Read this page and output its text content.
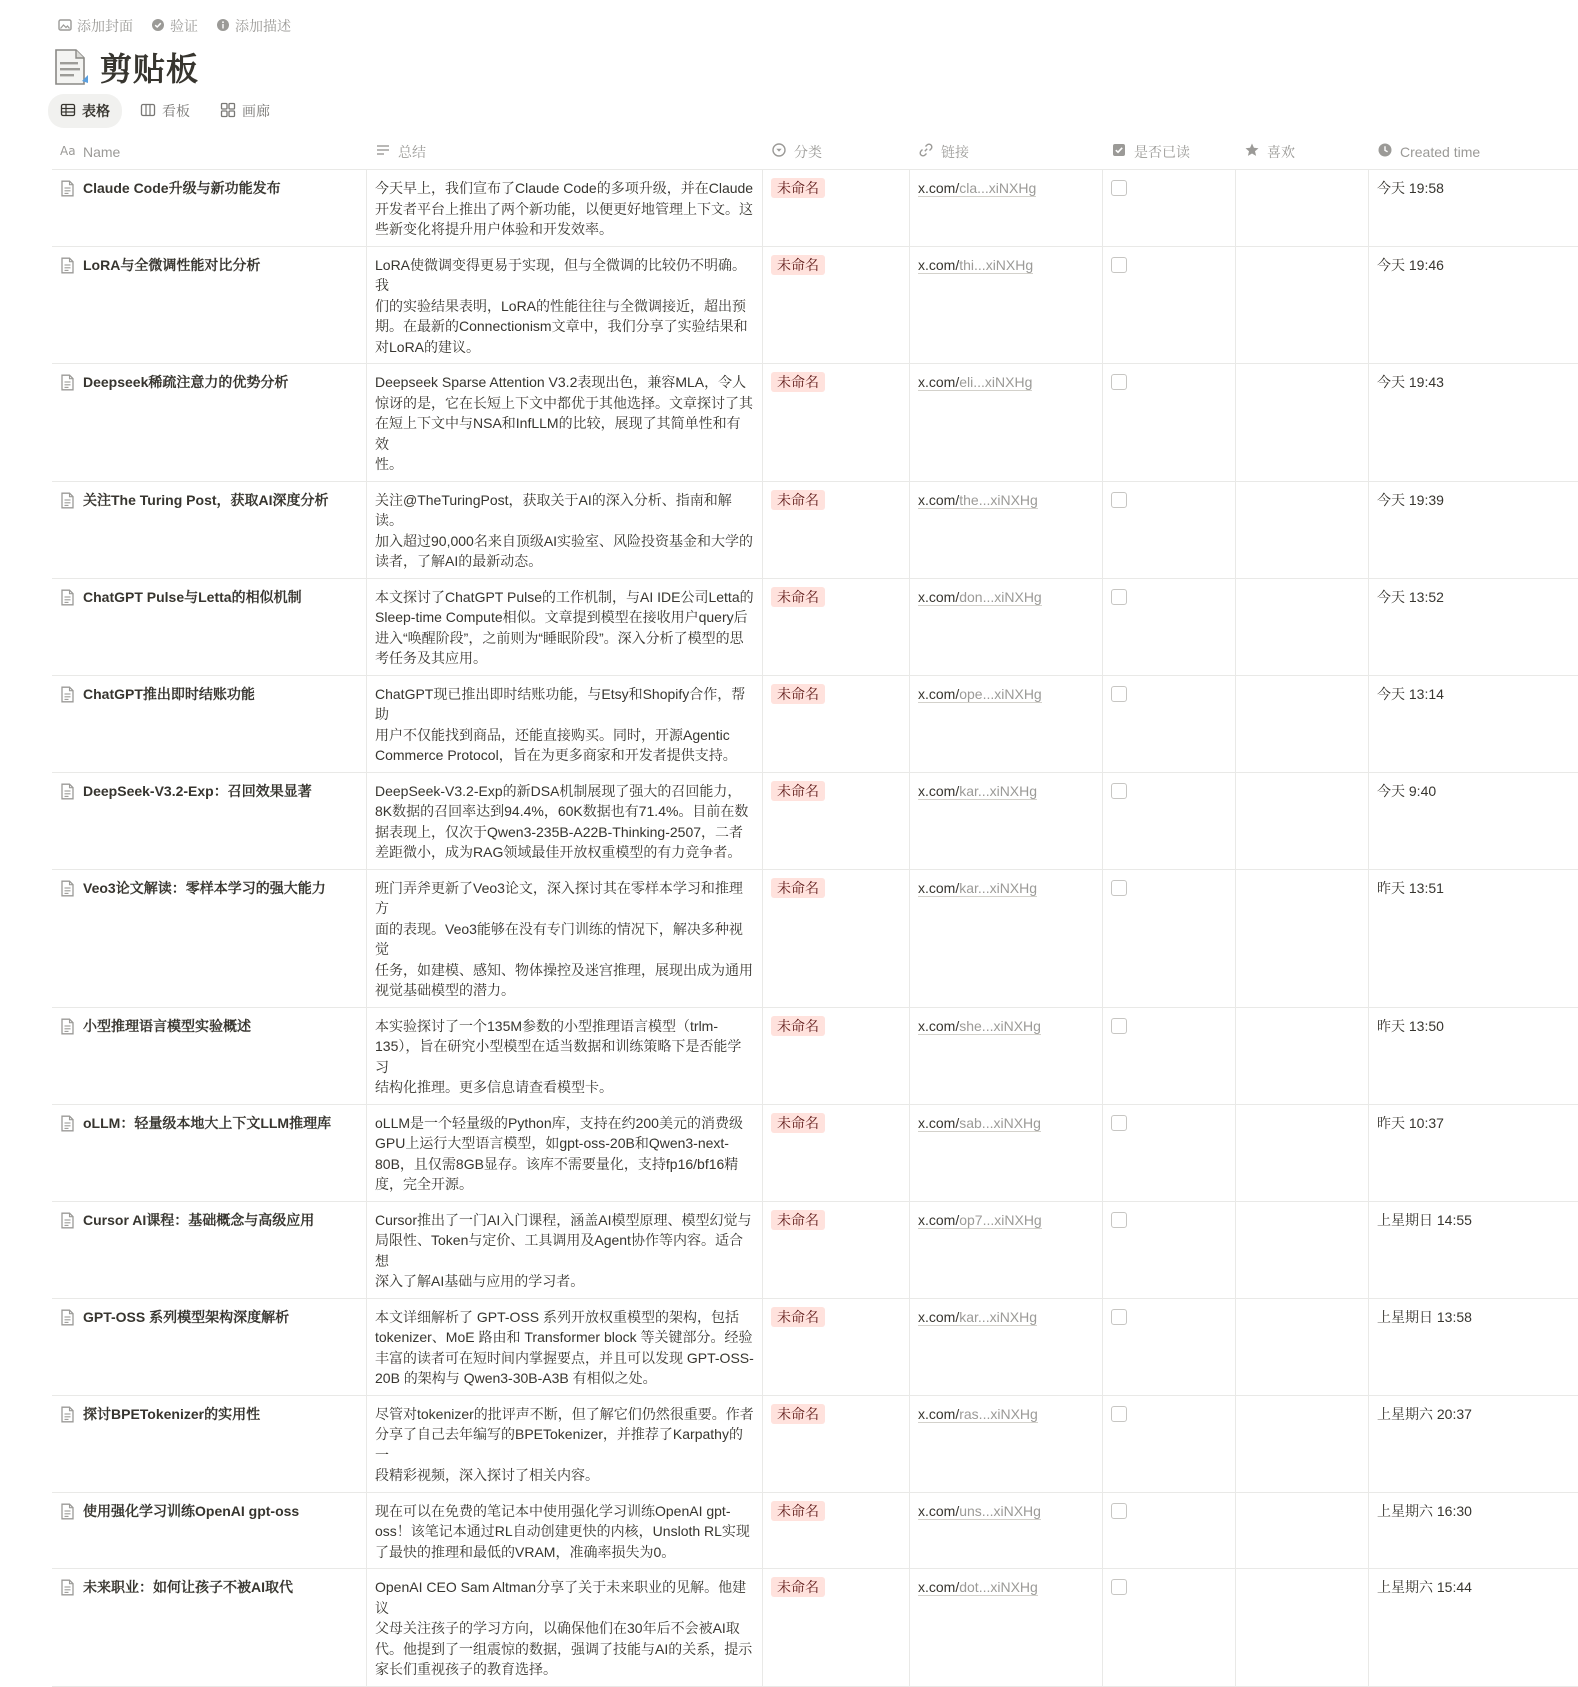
添加封面	验证	添加描述
剪贴板
表格	看板	画廊
Aa Name	总结	分类	链接	是否已读	喜欢	Created time
Claude Code升级与新功能发布	今天早上，我们宣布了Claude Code的多项升级，并在Claude
开发者平台上推出了两个新功能，以便更好地管理上下文。这
些新变化将提升用户体验和开发效率。
未命名	x.com/cla...xiNXHg	今天 19:58
LoRA与全微调性能对比分析	LoRA使微调变得更易于实现，但与全微调的比较仍不明确。我
们的实验结果表明，LoRA的性能往往与全微调接近，超出预
期。在最新的Connectionism文章中，我们分享了实验结果和
对LoRA的建议。
未命名	x.com/thi...xiNXHg	今天 19:46
Deepseek稀疏注意力的优势分析	Deepseek Sparse Attention V3.2表现出色，兼容MLA，令人
惊讶的是，它在长短上下文中都优于其他选择。文章探讨了其
在短上下文中与NSA和InfLLM的比较，展现了其简单性和有效
性。
未命名	x.com/eli...xiNXHg	今天 19:43
关注The Turing Post，获取AI深度分析	关注@TheTuringPost，获取关于AI的深入分析、指南和解读。
加入超过90,000名来自顶级AI实验室、风险投资基金和大学的
读者，了解AI的最新动态。
未命名	x.com/the...xiNXHg	今天 19:39
ChatGPT Pulse与Letta的相似机制	本文探讨了ChatGPT Pulse的工作机制，与AI IDE公司Letta的
Sleep-time Compute相似。文章提到模型在接收用户query后
进入“唤醒阶段”，之前则为“睡眠阶段”。深入分析了模型的思
考任务及其应用。
未命名	x.com/don...xiNXHg	今天 13:52
ChatGPT推出即时结账功能	ChatGPT现已推出即时结账功能，与Etsy和Shopify合作，帮助
用户不仅能找到商品，还能直接购买。同时，开源Agentic
Commerce Protocol，旨在为更多商家和开发者提供支持。
未命名	x.com/ope...xiNXHg	今天 13:14
DeepSeek-V3.2-Exp：召回效果显著	DeepSeek-V3.2-Exp的新DSA机制展现了强大的召回能力，
8K数据的召回率达到94.4%，60K数据也有71.4%。目前在数
据表现上，仅次于Qwen3-235B-A22B-Thinking-2507，二者
差距微小，成为RAG领域最佳开放权重模型的有力竞争者。
未命名	x.com/kar...xiNXHg	今天 9:40
Veo3论文解读：零样本学习的强大能力	班门弄斧更新了Veo3论文，深入探讨其在零样本学习和推理方
面的表现。Veo3能够在没有专门训练的情况下，解决多种视觉
任务，如建模、感知、物体操控及迷宫推理，展现出成为通用
视觉基础模型的潜力。
未命名	x.com/kar...xiNXHg	昨天 13:51
小型推理语言模型实验概述	本实验探讨了一个135M参数的小型推理语言模型（trlm-
135），旨在研究小型模型在适当数据和训练策略下是否能学习
结构化推理。更多信息请查看模型卡。
未命名	x.com/she...xiNXHg	昨天 13:50
oLLM：轻量级本地大上下文LLM推理库	oLLM是一个轻量级的Python库，支持在约200美元的消费级
GPU上运行大型语言模型，如gpt-oss-20B和Qwen3-next-
80B，且仅需8GB显存。该库不需要量化，支持fp16/bf16精
度，完全开源。
未命名	x.com/sab...xiNXHg	昨天 10:37
Cursor AI课程：基础概念与高级应用	Cursor推出了一门AI入门课程，涵盖AI模型原理、模型幻觉与
局限性、Token与定价、工具调用及Agent协作等内容。适合想
深入了解AI基础与应用的学习者。
未命名	x.com/op7...xiNXHg	上星期日 14:55
GPT-OSS 系列模型架构深度解析	本文详细解析了 GPT-OSS 系列开放权重模型的架构，包括
tokenizer、MoE 路由和 Transformer block 等关键部分。经验
丰富的读者可在短时间内掌握要点，并且可以发现 GPT-OSS-
20B 的架构与 Qwen3-30B-A3B 有相似之处。
未命名	x.com/kar...xiNXHg	上星期日 13:58
探讨BPETokenizer的实用性	尽管对tokenizer的批评声不断，但了解它们仍然很重要。作者
分享了自己去年编写的BPETokenizer，并推荐了Karpathy的一
段精彩视频，深入探讨了相关内容。
未命名	x.com/ras...xiNXHg	上星期六 20:37
使用强化学习训练OpenAI gpt-oss	现在可以在免费的笔记本中使用强化学习训练OpenAI gpt-
oss！该笔记本通过RL自动创建更快的内核，Unsloth RL实现
了最快的推理和最低的VRAM，准确率损失为0。
未命名	x.com/uns...xiNXHg	上星期六 16:30
未来职业：如何让孩子不被AI取代	OpenAI CEO Sam Altman分享了关于未来职业的见解。他建议
父母关注孩子的学习方向，以确保他们在30年后不会被AI取
代。他提到了一组震惊的数据，强调了技能与AI的关系，提示
家长们重视孩子的教育选择。
未命名	x.com/dot...xiNXHg	上星期六 15:44
